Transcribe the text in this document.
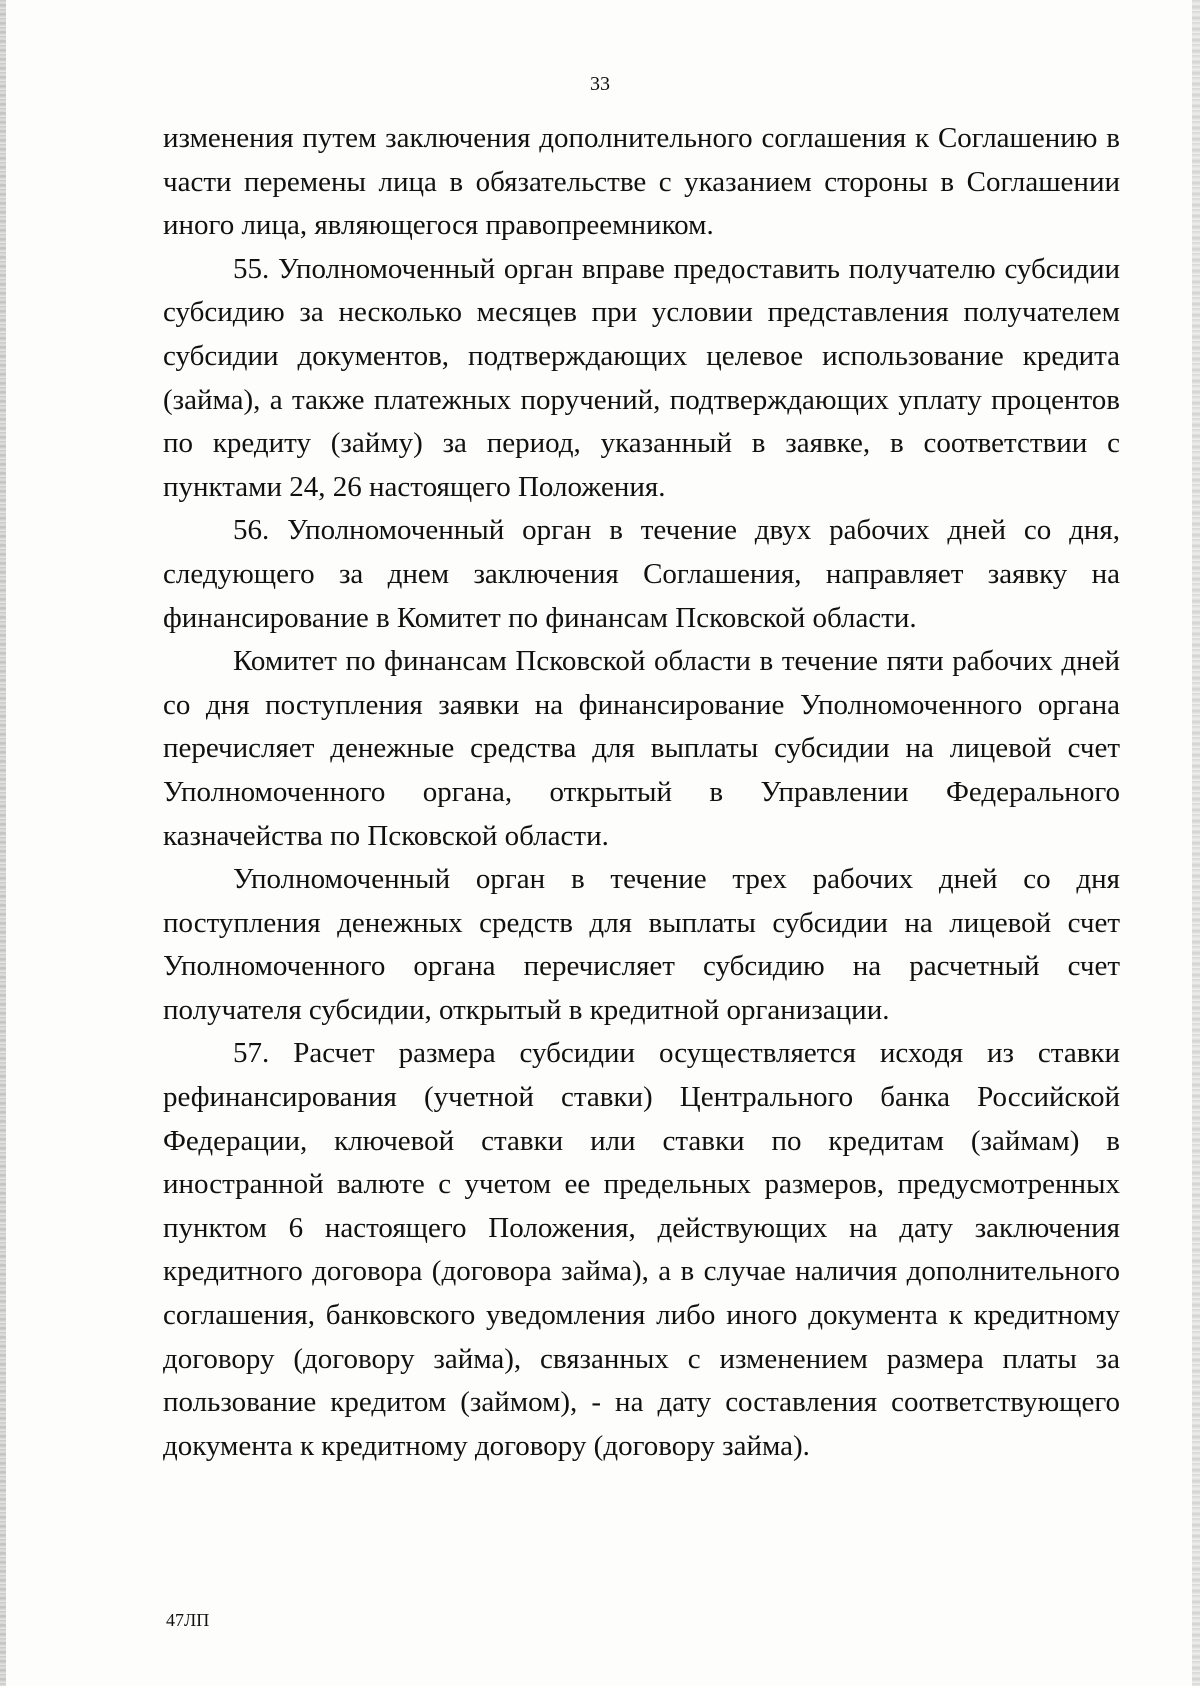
33

изменения путем заключения дополнительного соглашения к Соглашению в части перемены лица в обязательстве с указанием стороны в Соглашении иного лица, являющегося правопреемником.

55. Уполномоченный орган вправе предоставить получателю субсидии субсидию за несколько месяцев при условии представления получателем субсидии документов, подтверждающих целевое использование кредита (займа), а также платежных поручений, подтверждающих уплату процентов по кредиту (займу) за период, указанный в заявке, в соответствии с пунктами 24, 26 настоящего Положения.

56. Уполномоченный орган в течение двух рабочих дней со дня, следующего за днем заключения Соглашения, направляет заявку на финансирование в Комитет по финансам Псковской области.

Комитет по финансам Псковской области в течение пяти рабочих дней со дня поступления заявки на финансирование Уполномоченного органа перечисляет денежные средства для выплаты субсидии на лицевой счет Уполномоченного органа, открытый в Управлении Федерального казначейства по Псковской области.

Уполномоченный орган в течение трех рабочих дней со дня поступления денежных средств для выплаты субсидии на лицевой счет Уполномоченного органа перечисляет субсидию на расчетный счет получателя субсидии, открытый в кредитной организации.

57. Расчет размера субсидии осуществляется исходя из ставки рефинансирования (учетной ставки) Центрального банка Российской Федерации, ключевой ставки или ставки по кредитам (займам) в иностранной валюте с учетом ее предельных размеров, предусмотренных пунктом 6 настоящего Положения, действующих на дату заключения кредитного договора (договора займа), а в случае наличия дополнительного соглашения, банковского уведомления либо иного документа к кредитному договору (договору займа), связанных с изменением размера платы за пользование кредитом (займом), - на дату составления соответствующего документа к кредитному договору (договору займа).

47ЛП
